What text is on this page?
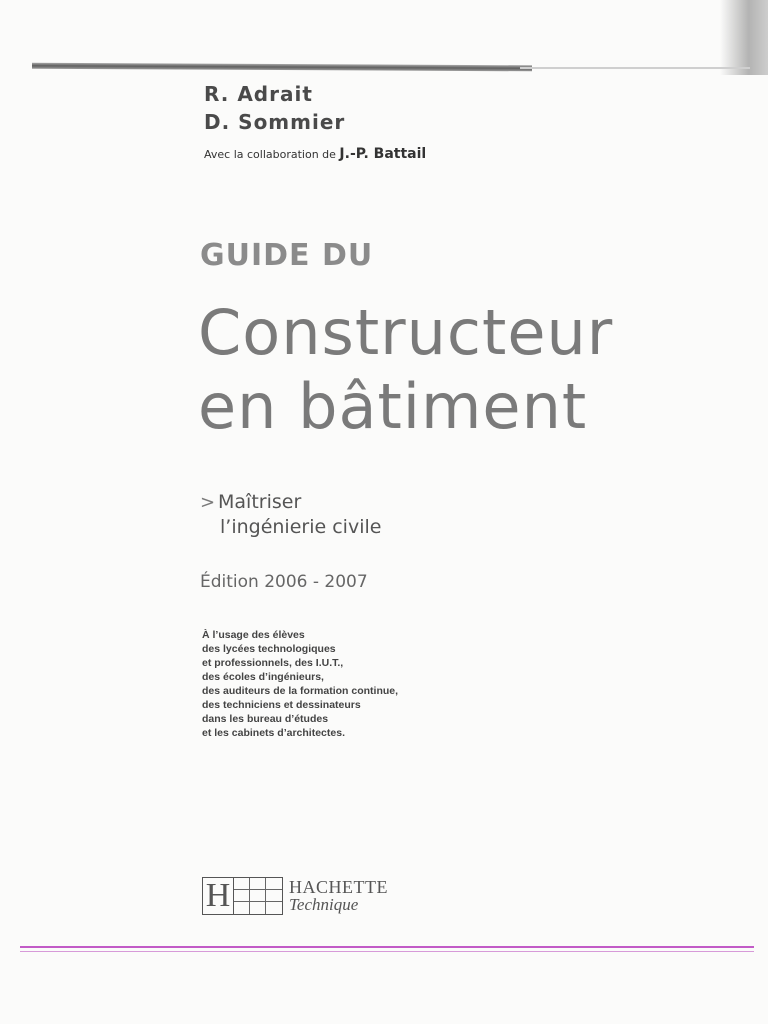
R. Adrait
D. Sommier
Avec la collaboration de J.-P. Battail
GUIDE DU
Constructeur
en bâtiment
> Maîtriser
l’ingénierie civile
Édition 2006 - 2007
À l’usage des élèves
des lycées technologiques
et professionnels, des I.U.T.,
des écoles d’ingénieurs,
des auditeurs de la formation continue,
des techniciens et dessinateurs
dans les bureau d’études
et les cabinets d’architectes.
H	HACHETTE
Technique
